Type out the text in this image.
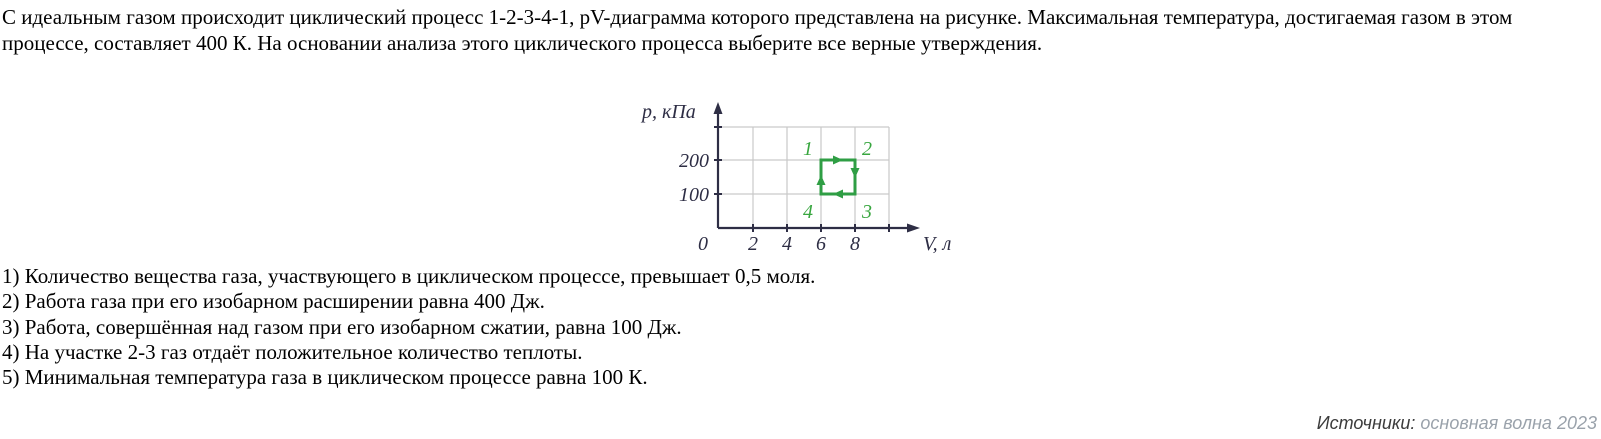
С идеальным газом происходит циклический процесс 1-2-3-4-1, pV-диаграмма которого представлена на рисунке. Максимальная температура, достигаемая газом в этом процессе, составляет 400 К. На основании анализа этого циклического процесса выберите все верные утверждения.

p, кПа
V, л
0
100
200
2 4 6 8
1 2
3
4
1) Количество вещества газа, участвующего в циклическом процессе, превышает 0,5 моля.
2) Работа газа при его изобарном расширении равна 400 Дж.
3) Работа, совершённая над газом при его изобарном сжатии, равна 100 Дж.
4) На участке 2-3 газ отдаёт положительное количество теплоты.
5) Минимальная температура газа в циклическом процессе равна 100 К.
Источники: основная волна 2023
